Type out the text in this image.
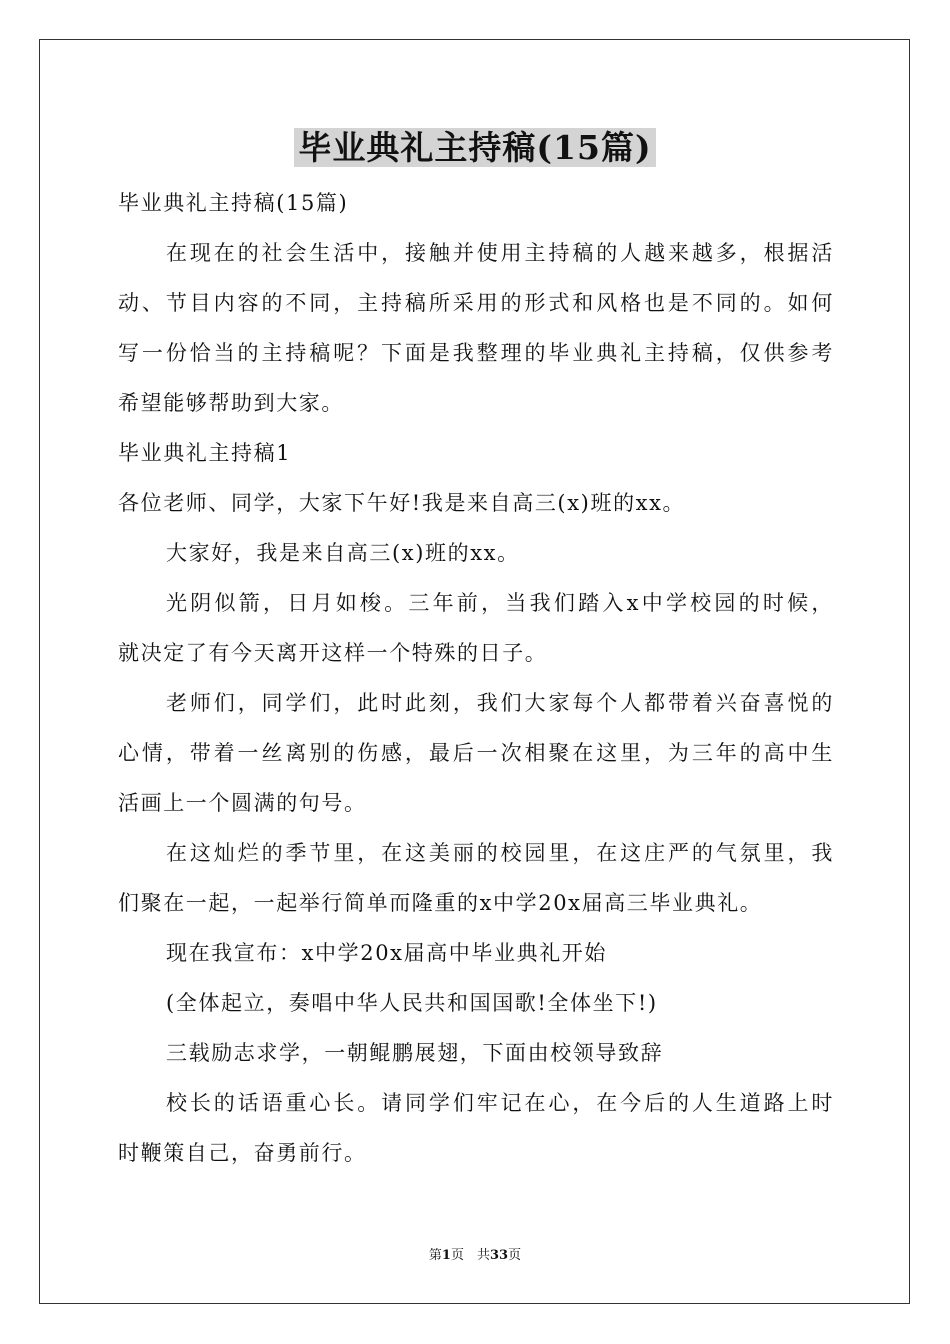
毕业典礼主持稿(15篇)
毕业典礼主持稿(15篇)
在现在的社会生活中，接触并使用主持稿的人越来越多，根据活
动、节目内容的不同，主持稿所采用的形式和风格也是不同的。如何
写一份恰当的主持稿呢？下面是我整理的毕业典礼主持稿，仅供参考
希望能够帮助到大家。
毕业典礼主持稿1
各位老师、同学，大家下午好!我是来自高三(x)班的xx。
大家好，我是来自高三(x)班的xx。
光阴似箭，日月如梭。三年前，当我们踏入x中学校园的时候，
就决定了有今天离开这样一个特殊的日子。
老师们，同学们，此时此刻，我们大家每个人都带着兴奋喜悦的
心情，带着一丝离别的伤感，最后一次相聚在这里，为三年的高中生
活画上一个圆满的句号。
在这灿烂的季节里，在这美丽的校园里，在这庄严的气氛里，我
们聚在一起，一起举行简单而隆重的x中学20x届高三毕业典礼。
现在我宣布：x中学20x届高中毕业典礼开始
(全体起立，奏唱中华人民共和国国歌!全体坐下!)
三载励志求学，一朝鲲鹏展翅，下面由校领导致辞
校长的话语重心长。请同学们牢记在心，在今后的人生道路上时
时鞭策自己，奋勇前行。
第1页　共33页
